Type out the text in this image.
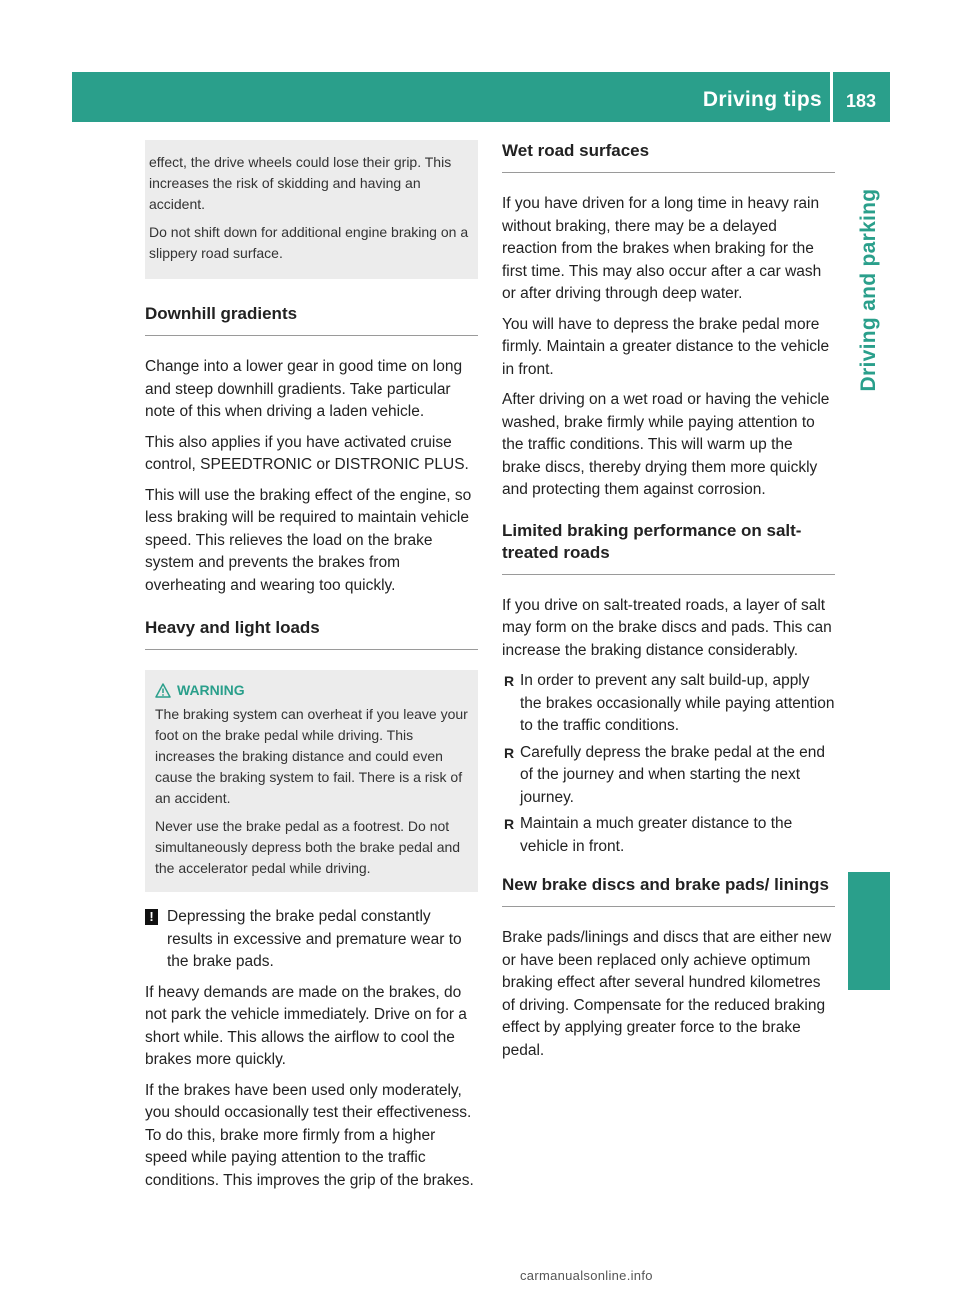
Driving tips	183
Driving and parking

effect, the drive wheels could lose their grip. This increases the risk of skidding and having an accident.

Do not shift down for additional engine braking on a slippery road surface.

Downhill gradients

Change into a lower gear in good time on long and steep downhill gradients. Take particular note of this when driving a laden vehicle.

This also applies if you have activated cruise control, SPEEDTRONIC or DISTRONIC PLUS.

This will use the braking effect of the engine, so less braking will be required to maintain vehicle speed. This relieves the load on the brake system and prevents the brakes from overheating and wearing too quickly.

Heavy and light loads
WARNING

The braking system can overheat if you leave your foot on the brake pedal while driving. This increases the braking distance and could even cause the braking system to fail. There is a risk of an accident.

Never use the brake pedal as a footrest. Do not simultaneously depress both the brake pedal and the accelerator pedal while driving.

! Depressing the brake pedal constantly results in excessive and premature wear to the brake pads.

If heavy demands are made on the brakes, do not park the vehicle immediately. Drive on for a short while. This allows the airflow to cool the brakes more quickly.

If the brakes have been used only moderately, you should occasionally test their effectiveness. To do this, brake more firmly from a higher speed while paying attention to the traffic conditions. This improves the grip of the brakes.

Wet road surfaces

If you have driven for a long time in heavy rain without braking, there may be a delayed reaction from the brakes when braking for the first time. This may also occur after a car wash or after driving through deep water.

You will have to depress the brake pedal more firmly. Maintain a greater distance to the vehicle in front.

After driving on a wet road or having the vehicle washed, brake firmly while paying attention to the traffic conditions. This will warm up the brake discs, thereby drying them more quickly and protecting them against corrosion.

Limited braking performance on salt-treated roads

If you drive on salt-treated roads, a layer of salt may form on the brake discs and pads. This can increase the braking distance considerably.

R In order to prevent any salt build-up, apply the brakes occasionally while paying attention to the traffic conditions.
R Carefully depress the brake pedal at the end of the journey and when starting the next journey.
R Maintain a much greater distance to the vehicle in front.
New brake discs and brake pads/ linings

Brake pads/linings and discs that are either new or have been replaced only achieve optimum braking effect after several hundred kilometres of driving. Compensate for the reduced braking effect by applying greater force to the brake pedal.

carmanualsonline.info
